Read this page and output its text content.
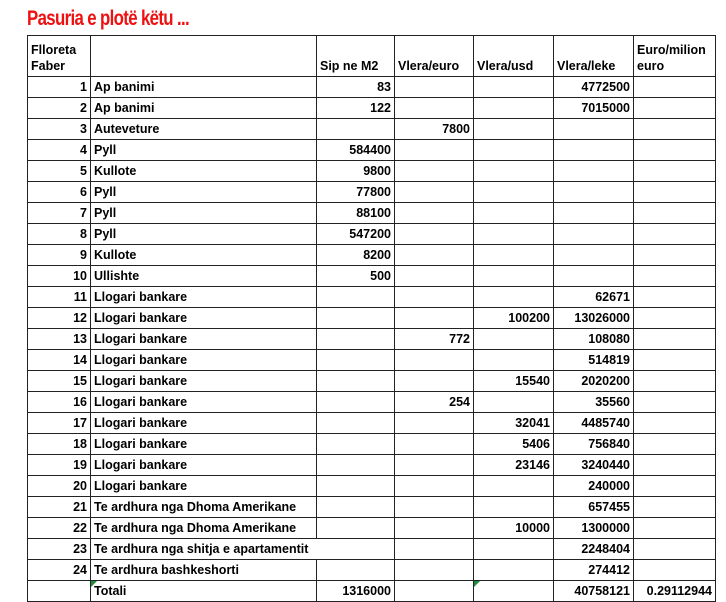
Pasuria e plotë këtu ...
Flloreta
Faber		Sip ne M2	Vlera/euro	Vlera/usd	Vlera/leke	Euro/milion
euro
1	Ap banimi	83			4772500	
2	Ap banimi	122			7015000	
3	Auteveture		7800			
4	Pyll	584400				
5	Kullote	9800				
6	Pyll	77800				
7	Pyll	88100				
8	Pyll	547200				
9	Kullote	8200				
10	Ullishte	500				
11	Llogari bankare				62671	
12	Llogari bankare			100200	13026000	
13	Llogari bankare		772		108080	
14	Llogari bankare				514819	
15	Llogari bankare			15540	2020200	
16	Llogari bankare		254		35560	
17	Llogari bankare			32041	4485740	
18	Llogari bankare			5406	756840	
19	Llogari bankare			23146	3240440	
20	Llogari bankare				240000	
21	Te ardhura nga Dhoma Amerikane				657455	
22	Te ardhura nga Dhoma Amerikane			10000	1300000	
23	Te ardhura nga shitja e apartamentit				2248404	
24	Te ardhura bashkeshorti				274412	
	Totali	1316000			40758121	0.29112944
